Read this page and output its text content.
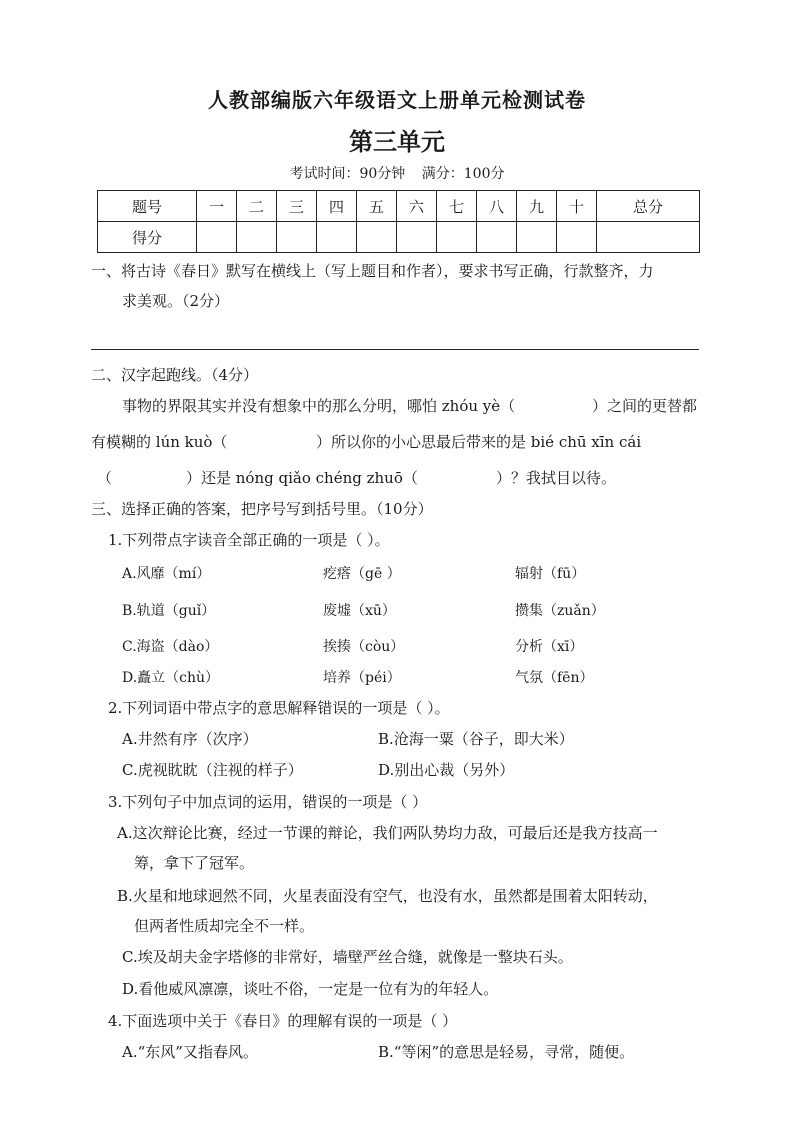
人教部编版六年级语文上册单元检测试卷
第三单元
考试时间：90分钟 满分：100分
题号	一	二	三	四	五	六	七	八	九	十	总分
得分											
一、将古诗《春日》默写在横线上（写上题目和作者），要求书写正确，行款整齐，力
求美观。（2分）
二、汉字起跑线。（4分）
事物的界限其实并没有想象中的那么分明，哪怕 zhóu yè（	）之间的更替都
有模糊的 lún kuò（	）所以你的小心思最后带来的是 bié chū xīn cái
（	）还是 nóng qiǎo chéng zhuō（	）？我拭目以待。
三、选择正确的答案，把序号写到括号里。（10分）
1.下列带点字读音全部正确的一项是（ ）。
A.风靡（mí）	疙瘩（gē ）	辐射（fū）
B.轨道（guǐ）	废墟（xū）	攒集（zuǎn）
C.海盗（dào）	挨揍（còu）	分析（xī）
D.矗立（chù）	培养（péi）	气氛（fēn）
2.下列词语中带点字的意思解释错误的一项是（ ）。
A.井然有序（次序）	B.沧海一粟（谷子，即大米）
C.虎视眈眈（注视的样子）	D.别出心裁（另外）
3.下列句子中加点词的运用，错误的一项是（ ）
A.这次辩论比赛，经过一节课的辩论，我们两队势均力敌，可最后还是我方技高一
筹，拿下了冠军。
B.火星和地球迥然不同，火星表面没有空气，也没有水，虽然都是围着太阳转动，
但两者性质却完全不一样。
C.埃及胡夫金字塔修的非常好，墙壁严丝合缝，就像是一整块石头。
D.看他威风凛凛，谈吐不俗，一定是一位有为的年轻人。
4.下面选项中关于《春日》的理解有误的一项是（ ）
A.“东风”又指春风。	B.“等闲”的意思是轻易，寻常，随便。
